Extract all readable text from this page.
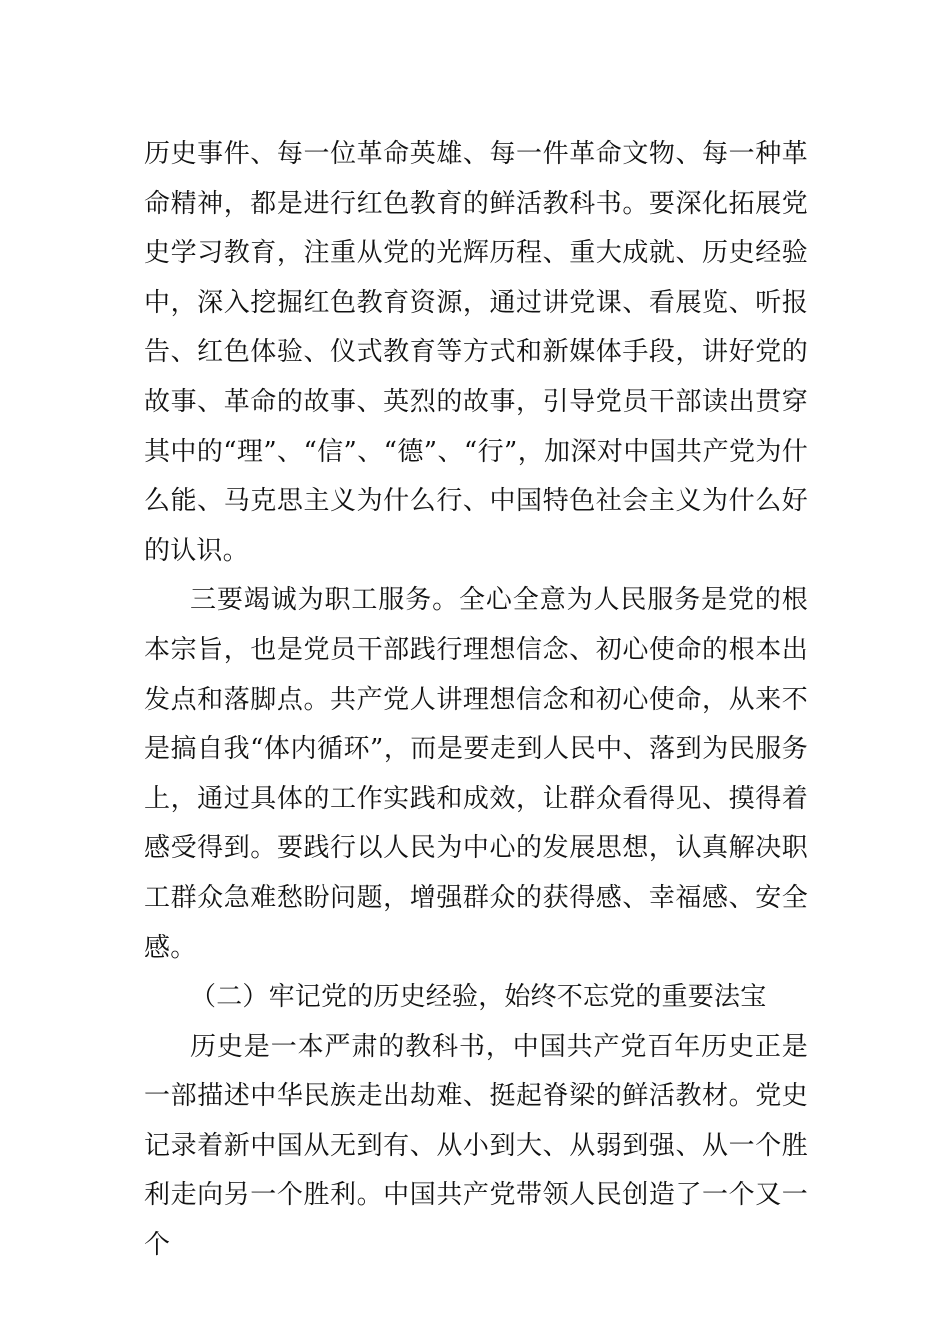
历史事件、每一位革命英雄、每一件革命文物、每一种革命精神，都是进行红色教育的鲜活教科书。要深化拓展党史学习教育，注重从党的光辉历程、重大成就、历史经验中，深入挖掘红色教育资源，通过讲党课、看展览、听报告、红色体验、仪式教育等方式和新媒体手段，讲好党的故事、革命的故事、英烈的故事，引导党员干部读出贯穿其中的“理”、“信”、“德”、“行”，加深对中国共产党为什么能、马克思主义为什么行、中国特色社会主义为什么好的认识。

三要竭诚为职工服务。全心全意为人民服务是党的根本宗旨，也是党员干部践行理想信念、初心使命的根本出发点和落脚点。共产党人讲理想信念和初心使命，从来不是搞自我“体内循环”，而是要走到人民中、落到为民服务上，通过具体的工作实践和成效，让群众看得见、摸得着感受得到。要践行以人民为中心的发展思想，认真解决职工群众急难愁盼问题，增强群众的获得感、幸福感、安全感。

（二）牢记党的历史经验，始终不忘党的重要法宝

历史是一本严肃的教科书，中国共产党百年历史正是一部描述中华民族走出劫难、挺起脊梁的鲜活教材。党史记录着新中国从无到有、从小到大、从弱到强、从一个胜利走向另一个胜利。中国共产党带领人民创造了一个又一个
